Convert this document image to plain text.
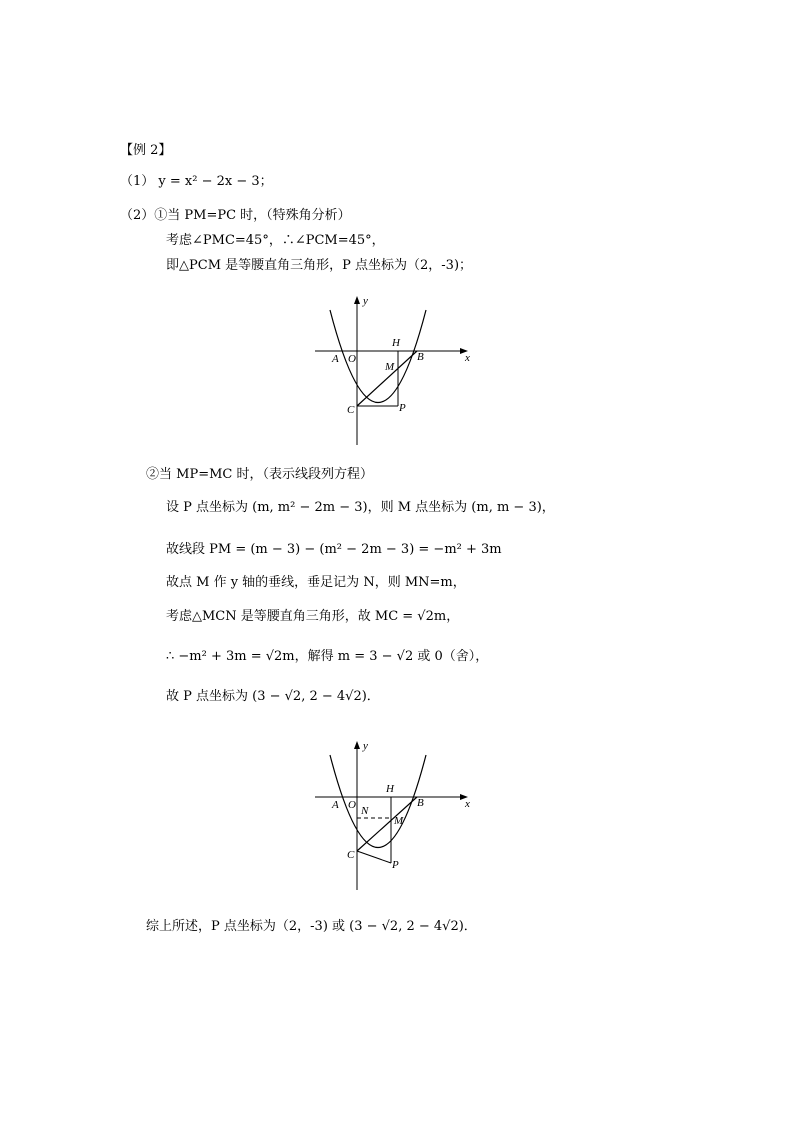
【例 2】
（1） y = x² − 2x − 3；
（2）①当 PM=PC 时，（特殊角分析）
考虑∠PMC=45°，∴∠PCM=45°，
即△PCM 是等腰直角三角形，P 点坐标为（2，-3)；
y
x
A O
H
B
M
C	P
②当 MP=MC 时，（表示线段列方程）
设 P 点坐标为 (m, m² − 2m − 3)，则 M 点坐标为 (m, m − 3)，
故线段 PM = (m − 3) − (m² − 2m − 3) = −m² + 3m
故点 M 作 y 轴的垂线，垂足记为 N，则 MN=m，
考虑△MCN 是等腰直角三角形，故 MC = √2m，
∴ −m² + 3m = √2m，解得 m = 3 − √2 或 0（舍），
故 P 点坐标为 (3 − √2, 2 − 4√2)．
y
x
A O
H
B
N
M
C
P
综上所述，P 点坐标为（2，-3) 或 (3 − √2, 2 − 4√2)．
